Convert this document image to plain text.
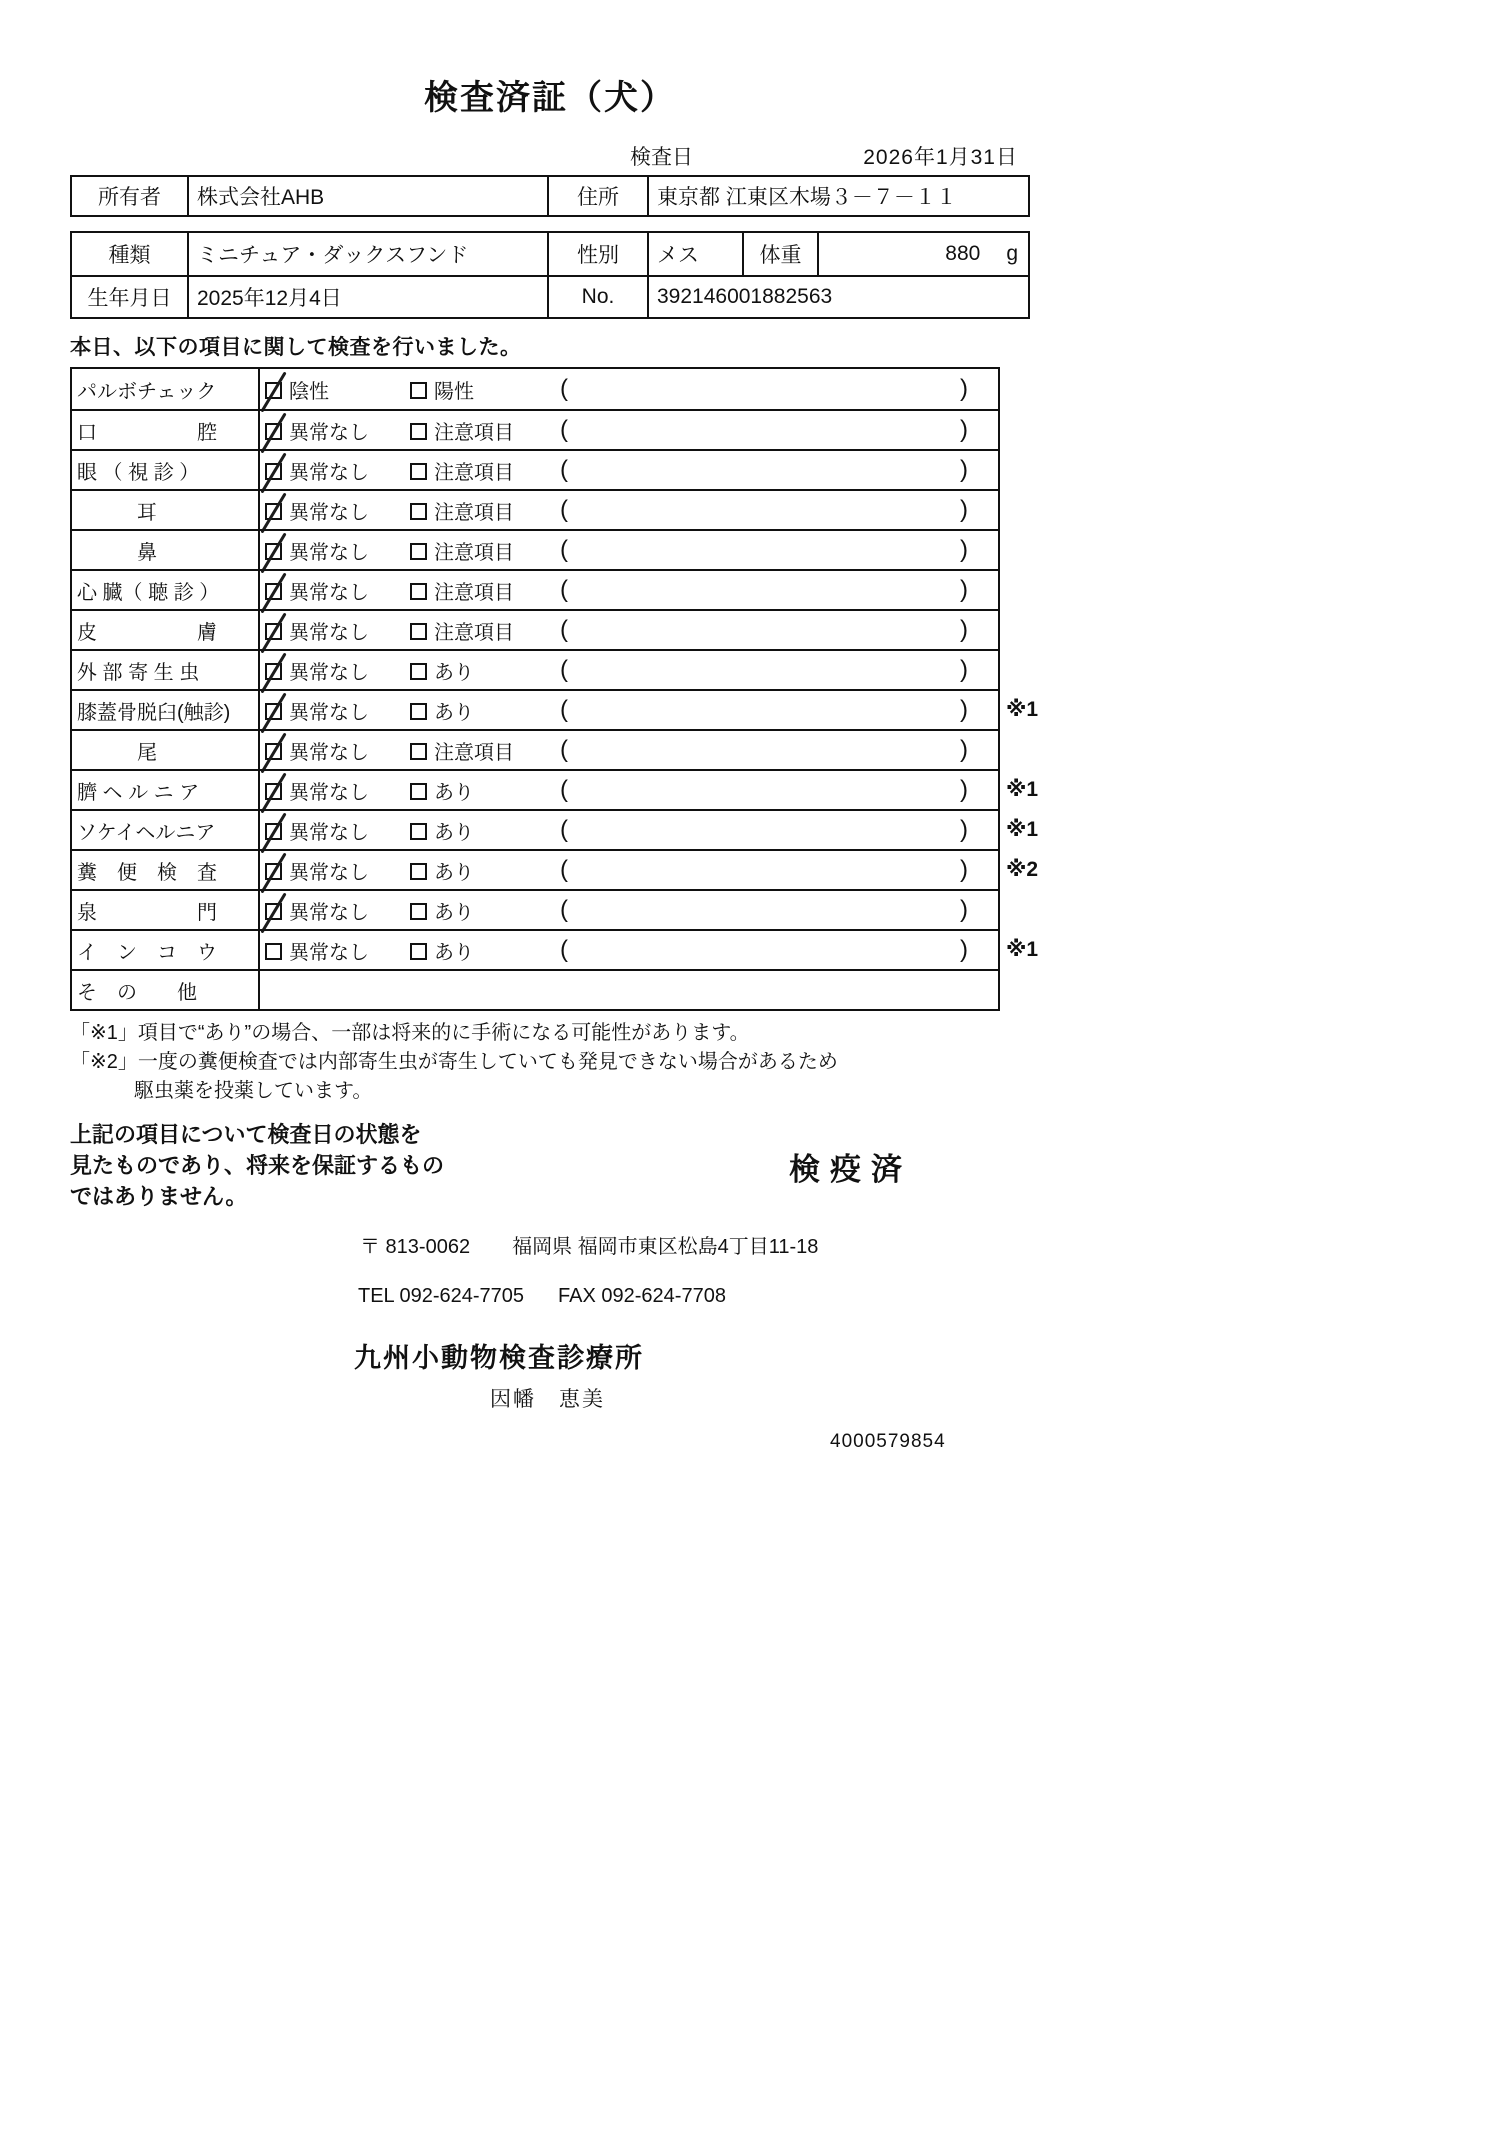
検査済証（犬）
検査日	2026年1月31日
所有者	株式会社AHB	住所	東京都 江東区木場３－７－１１
種類	ミニチュア・ダックスフンド	性別	メス	体重	880 g
生年月日	2025年12月4日	No.	392146001882563
本日、以下の項目に関して検査を行いました。
パルボチェック	陰性	陽性	(	)
口　　　　　腔	異常なし	注意項目 (	)
眼 （ 視 診 ）	異常なし	注意項目 (	)
　　　耳	異常なし	注意項目 (	)
　　　鼻	異常なし	注意項目 (	)
心 臓（ 聴 診 ）	異常なし	注意項目 (	)
皮　　　　　膚	異常なし	注意項目 (	)
外 部 寄 生 虫	異常なし	あり	(	)
膝蓋骨脱臼(触診)	異常なし	あり	(	) ※1
　　　尾	異常なし	注意項目 (	)
臍 ヘ ル ニ ア	異常なし	あり	(	) ※1
ソケイヘルニア	異常なし	あり	(	) ※1
糞　便　検　査	異常なし	あり	(	) ※2
泉　　　　　門	異常なし	あり	(	)
イ　ン　コ　ウ	異常なし	あり	(	) ※1
そ　の　　他
「※1」項目で“あり”の場合、一部は将来的に手術になる可能性があります。
「※2」一度の糞便検査では内部寄生虫が寄生していても発見できない場合があるため
駆虫薬を投薬しています。
上記の項目について検査日の状態を
見たものであり、将来を保証するもの
ではありません。
検疫済
〒 813-0062 福岡県 福岡市東区松島4丁目11-18
TEL 092-624-7705 FAX 092-624-7708
九州小動物検査診療所
因幡　恵美
4000579854
